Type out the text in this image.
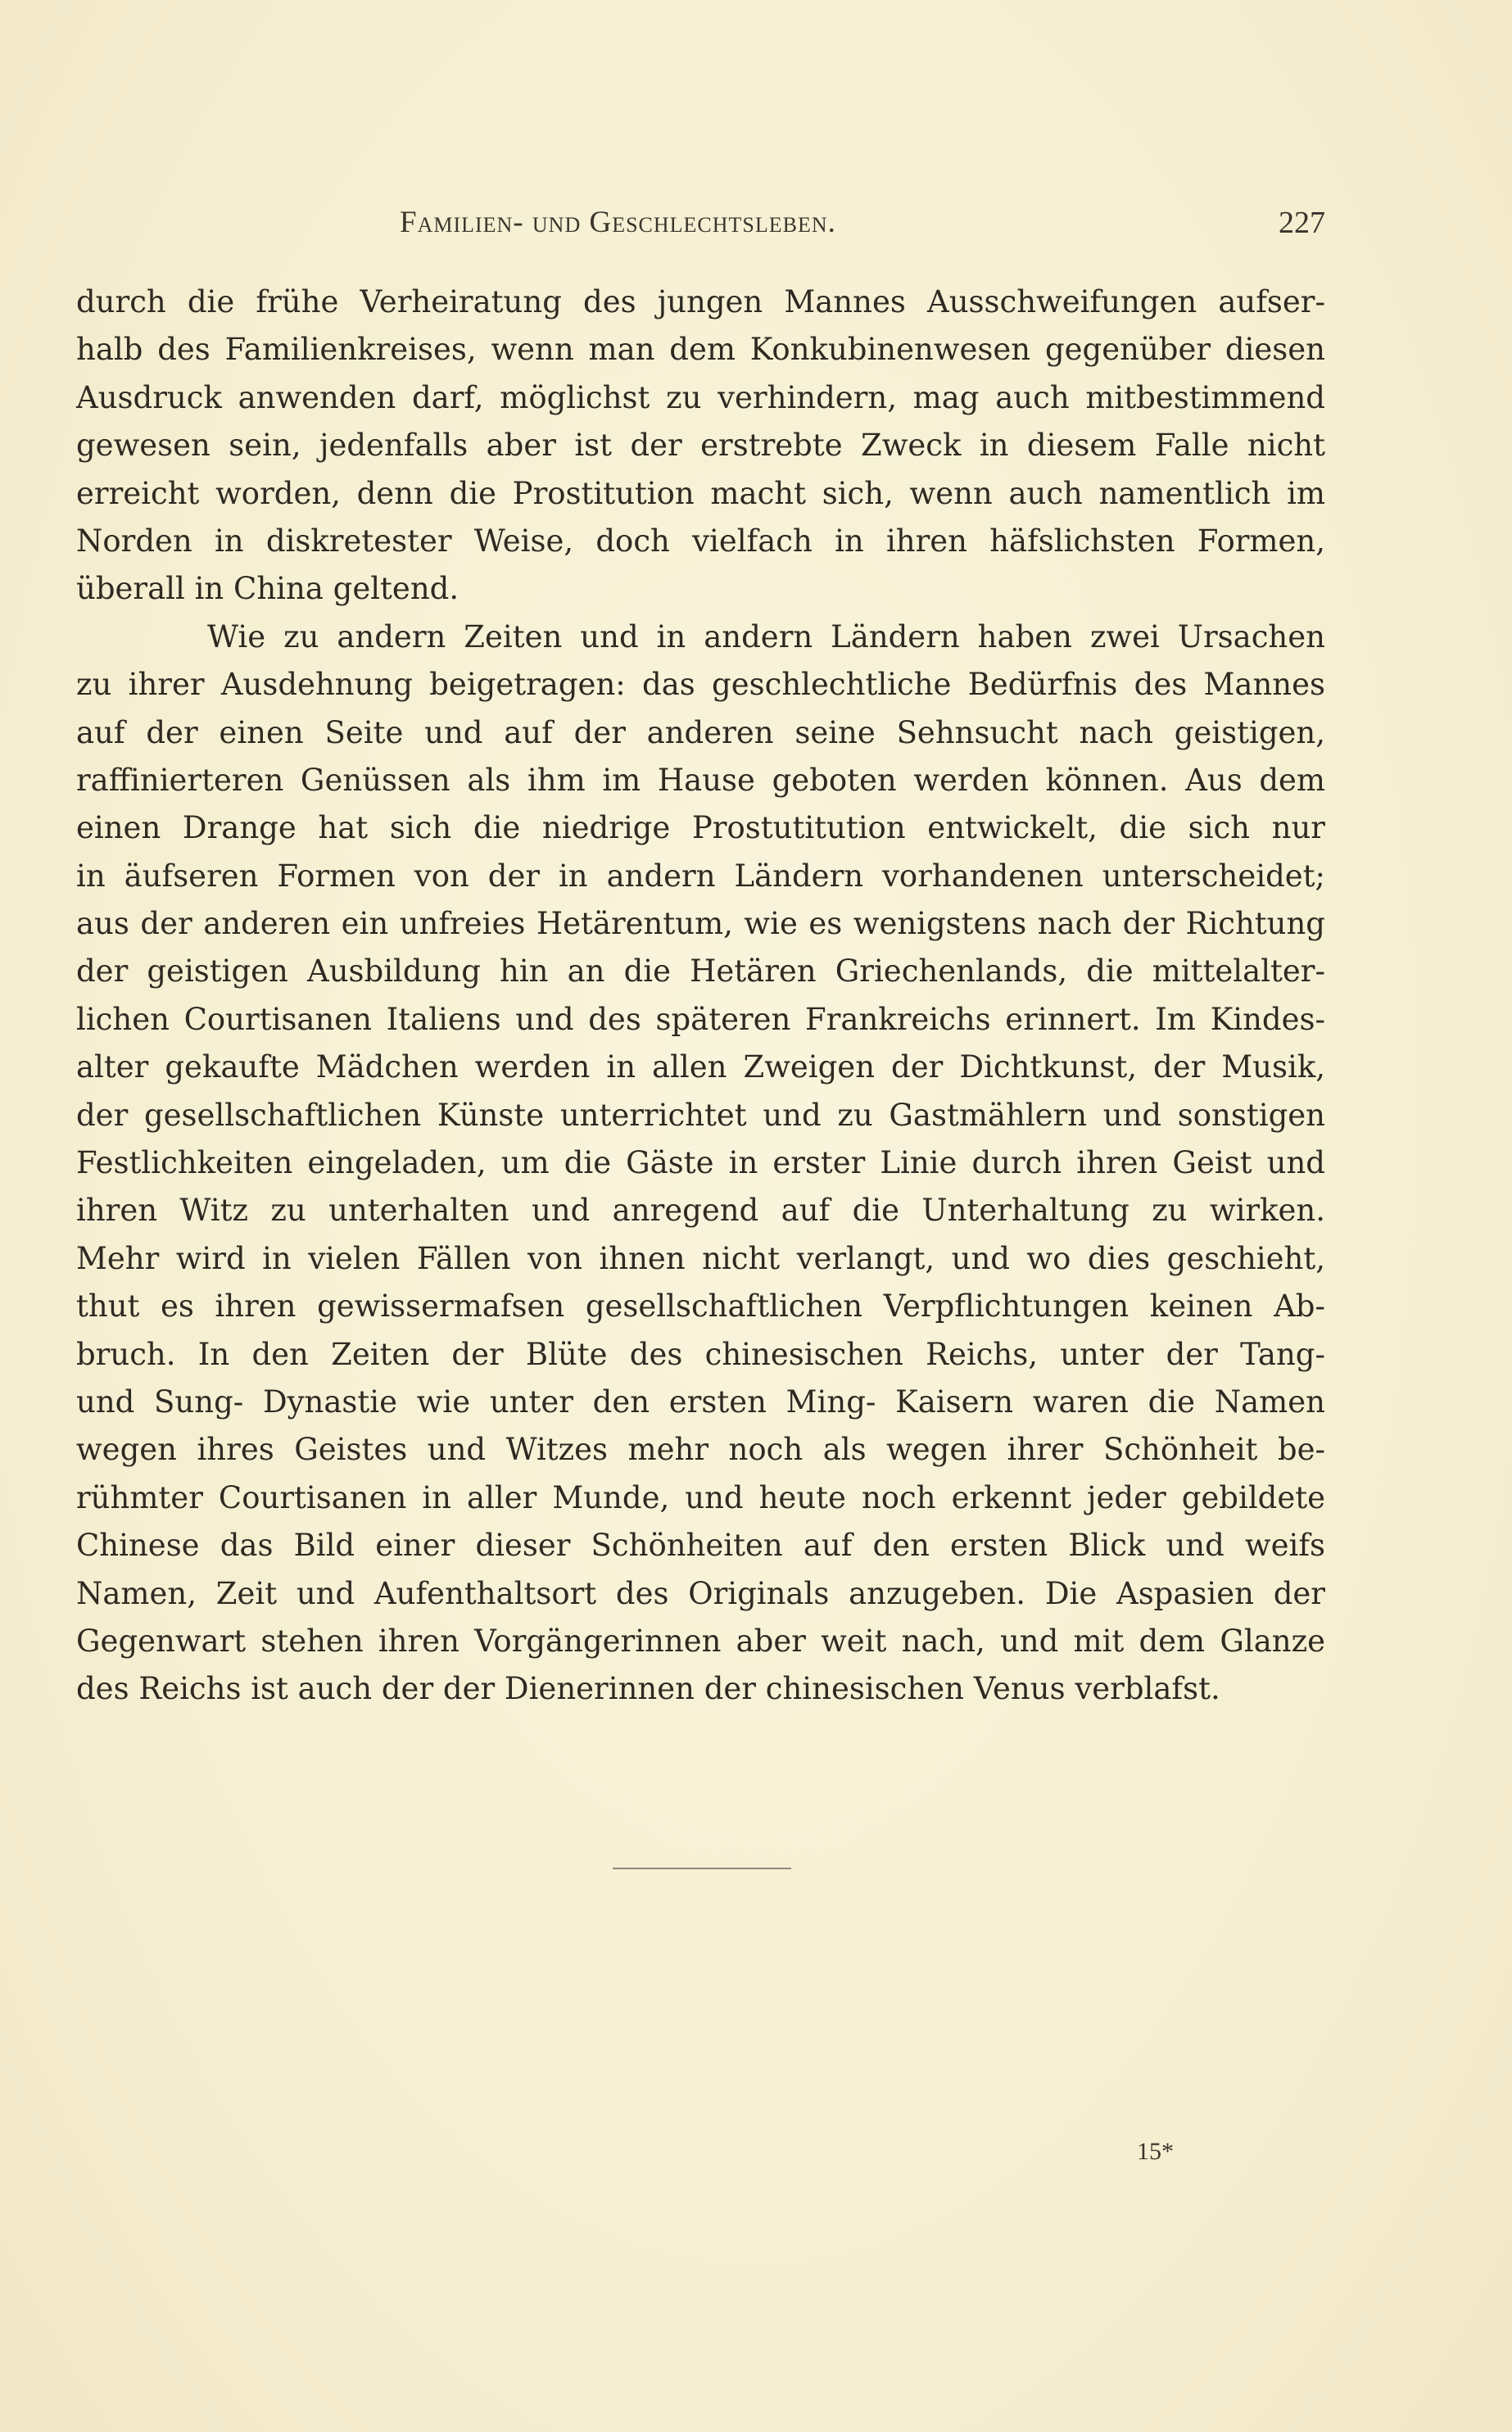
Familien- und Geschlechtsleben.	227
durch die frühe Verheiratung des jungen Mannes Ausschweifungen aufser-
halb des Familienkreises, wenn man dem Konkubinenwesen gegenüber diesen
Ausdruck anwenden darf, möglichst zu verhindern, mag auch mitbestimmend
gewesen sein, jedenfalls aber ist der erstrebte Zweck in diesem Falle nicht
erreicht worden, denn die Prostitution macht sich, wenn auch namentlich im
Norden in diskretester Weise, doch vielfach in ihren häfslichsten Formen,
überall in China geltend.
Wie zu andern Zeiten und in andern Ländern haben zwei Ursachen
zu ihrer Ausdehnung beigetragen: das geschlechtliche Bedürfnis des Mannes
auf der einen Seite und auf der anderen seine Sehnsucht nach geistigen,
raffinierteren Genüssen als ihm im Hause geboten werden können. Aus dem
einen Drange hat sich die niedrige Prostutitution entwickelt, die sich nur
in äufseren Formen von der in andern Ländern vorhandenen unterscheidet;
aus der anderen ein unfreies Hetärentum, wie es wenigstens nach der Richtung
der geistigen Ausbildung hin an die Hetären Griechenlands, die mittelalter-
lichen Courtisanen Italiens und des späteren Frankreichs erinnert. Im Kindes-
alter gekaufte Mädchen werden in allen Zweigen der Dichtkunst, der Musik,
der gesellschaftlichen Künste unterrichtet und zu Gastmählern und sonstigen
Festlichkeiten eingeladen, um die Gäste in erster Linie durch ihren Geist und
ihren Witz zu unterhalten und anregend auf die Unterhaltung zu wirken.
Mehr wird in vielen Fällen von ihnen nicht verlangt, und wo dies geschieht,
thut es ihren gewissermafsen gesellschaftlichen Verpflichtungen keinen Ab-
bruch. In den Zeiten der Blüte des chinesischen Reichs, unter der Tang-
und Sung- Dynastie wie unter den ersten Ming- Kaisern waren die Namen
wegen ihres Geistes und Witzes mehr noch als wegen ihrer Schönheit be-
rühmter Courtisanen in aller Munde, und heute noch erkennt jeder gebildete
Chinese das Bild einer dieser Schönheiten auf den ersten Blick und weifs
Namen, Zeit und Aufenthaltsort des Originals anzugeben. Die Aspasien der
Gegenwart stehen ihren Vorgängerinnen aber weit nach, und mit dem Glanze
des Reichs ist auch der der Dienerinnen der chinesischen Venus verblafst.
15*
